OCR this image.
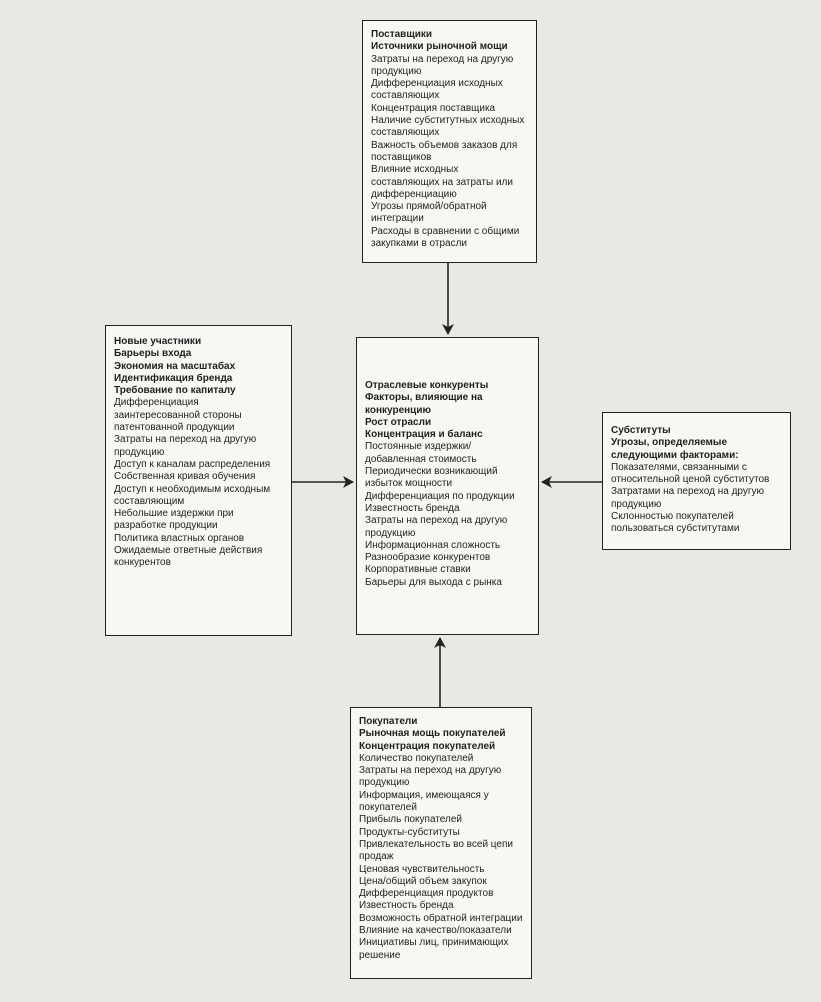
Поставщики
Источники рыночной мощи
Затраты на переход на другую продукцию
Дифференциация исходных составляющих
Концентрация поставщика
Наличие субститутных исходных составляющих
Важность объемов заказов для поставщиков
Влияние исходных составляющих на затраты или дифференциацию
Угрозы прямой/обратной интеграции
Расходы в сравнении с общими закупками в отрасли
Новые участники
Барьеры входа
Экономия на масштабах
Идентификация бренда
Требование по капиталу
Дифференциация заинтересованной стороны патентованной продукции
Затраты на переход на другую продукцию
Доступ к каналам распределения
Собственная кривая обучения
Доступ к необходимым исходным составляющим
Небольшие издержки при разработке продукции
Политика властных органов
Ожидаемые ответные действия конкурентов
Отраслевые конкуренты
Факторы, влияющие на конкуренцию
Рост отрасли
Концентрация и баланс
Постоянные издержки/ добавленная стоимость
Периодически возникающий избыток мощности
Дифференциация по продукции
Известность бренда
Затраты на переход на другую продукцию
Информационная сложность
Разнообразие конкурентов
Корпоративные ставки
Барьеры для выхода с рынка
Субституты
Угрозы, определяемые следующими факторами:
Показателями, связанными с относительной ценой субститутов
Затратами на переход на другую продукцию
Склонностью покупателей пользоваться субститутами
Покупатели
Рыночная мощь покупателей
Концентрация покупателей
Количество покупателей
Затраты на переход на другую продукцию
Информация, имеющаяся у покупателей
Прибыль покупателей
Продукты-субституты
Привлекательность во всей цепи продаж
Ценовая чувствительность
Цена/общий объем закупок
Дифференциация продуктов
Известность бренда
Возможность обратной интеграции
Влияние на качество/показатели
Инициативы лиц, принимающих решение
